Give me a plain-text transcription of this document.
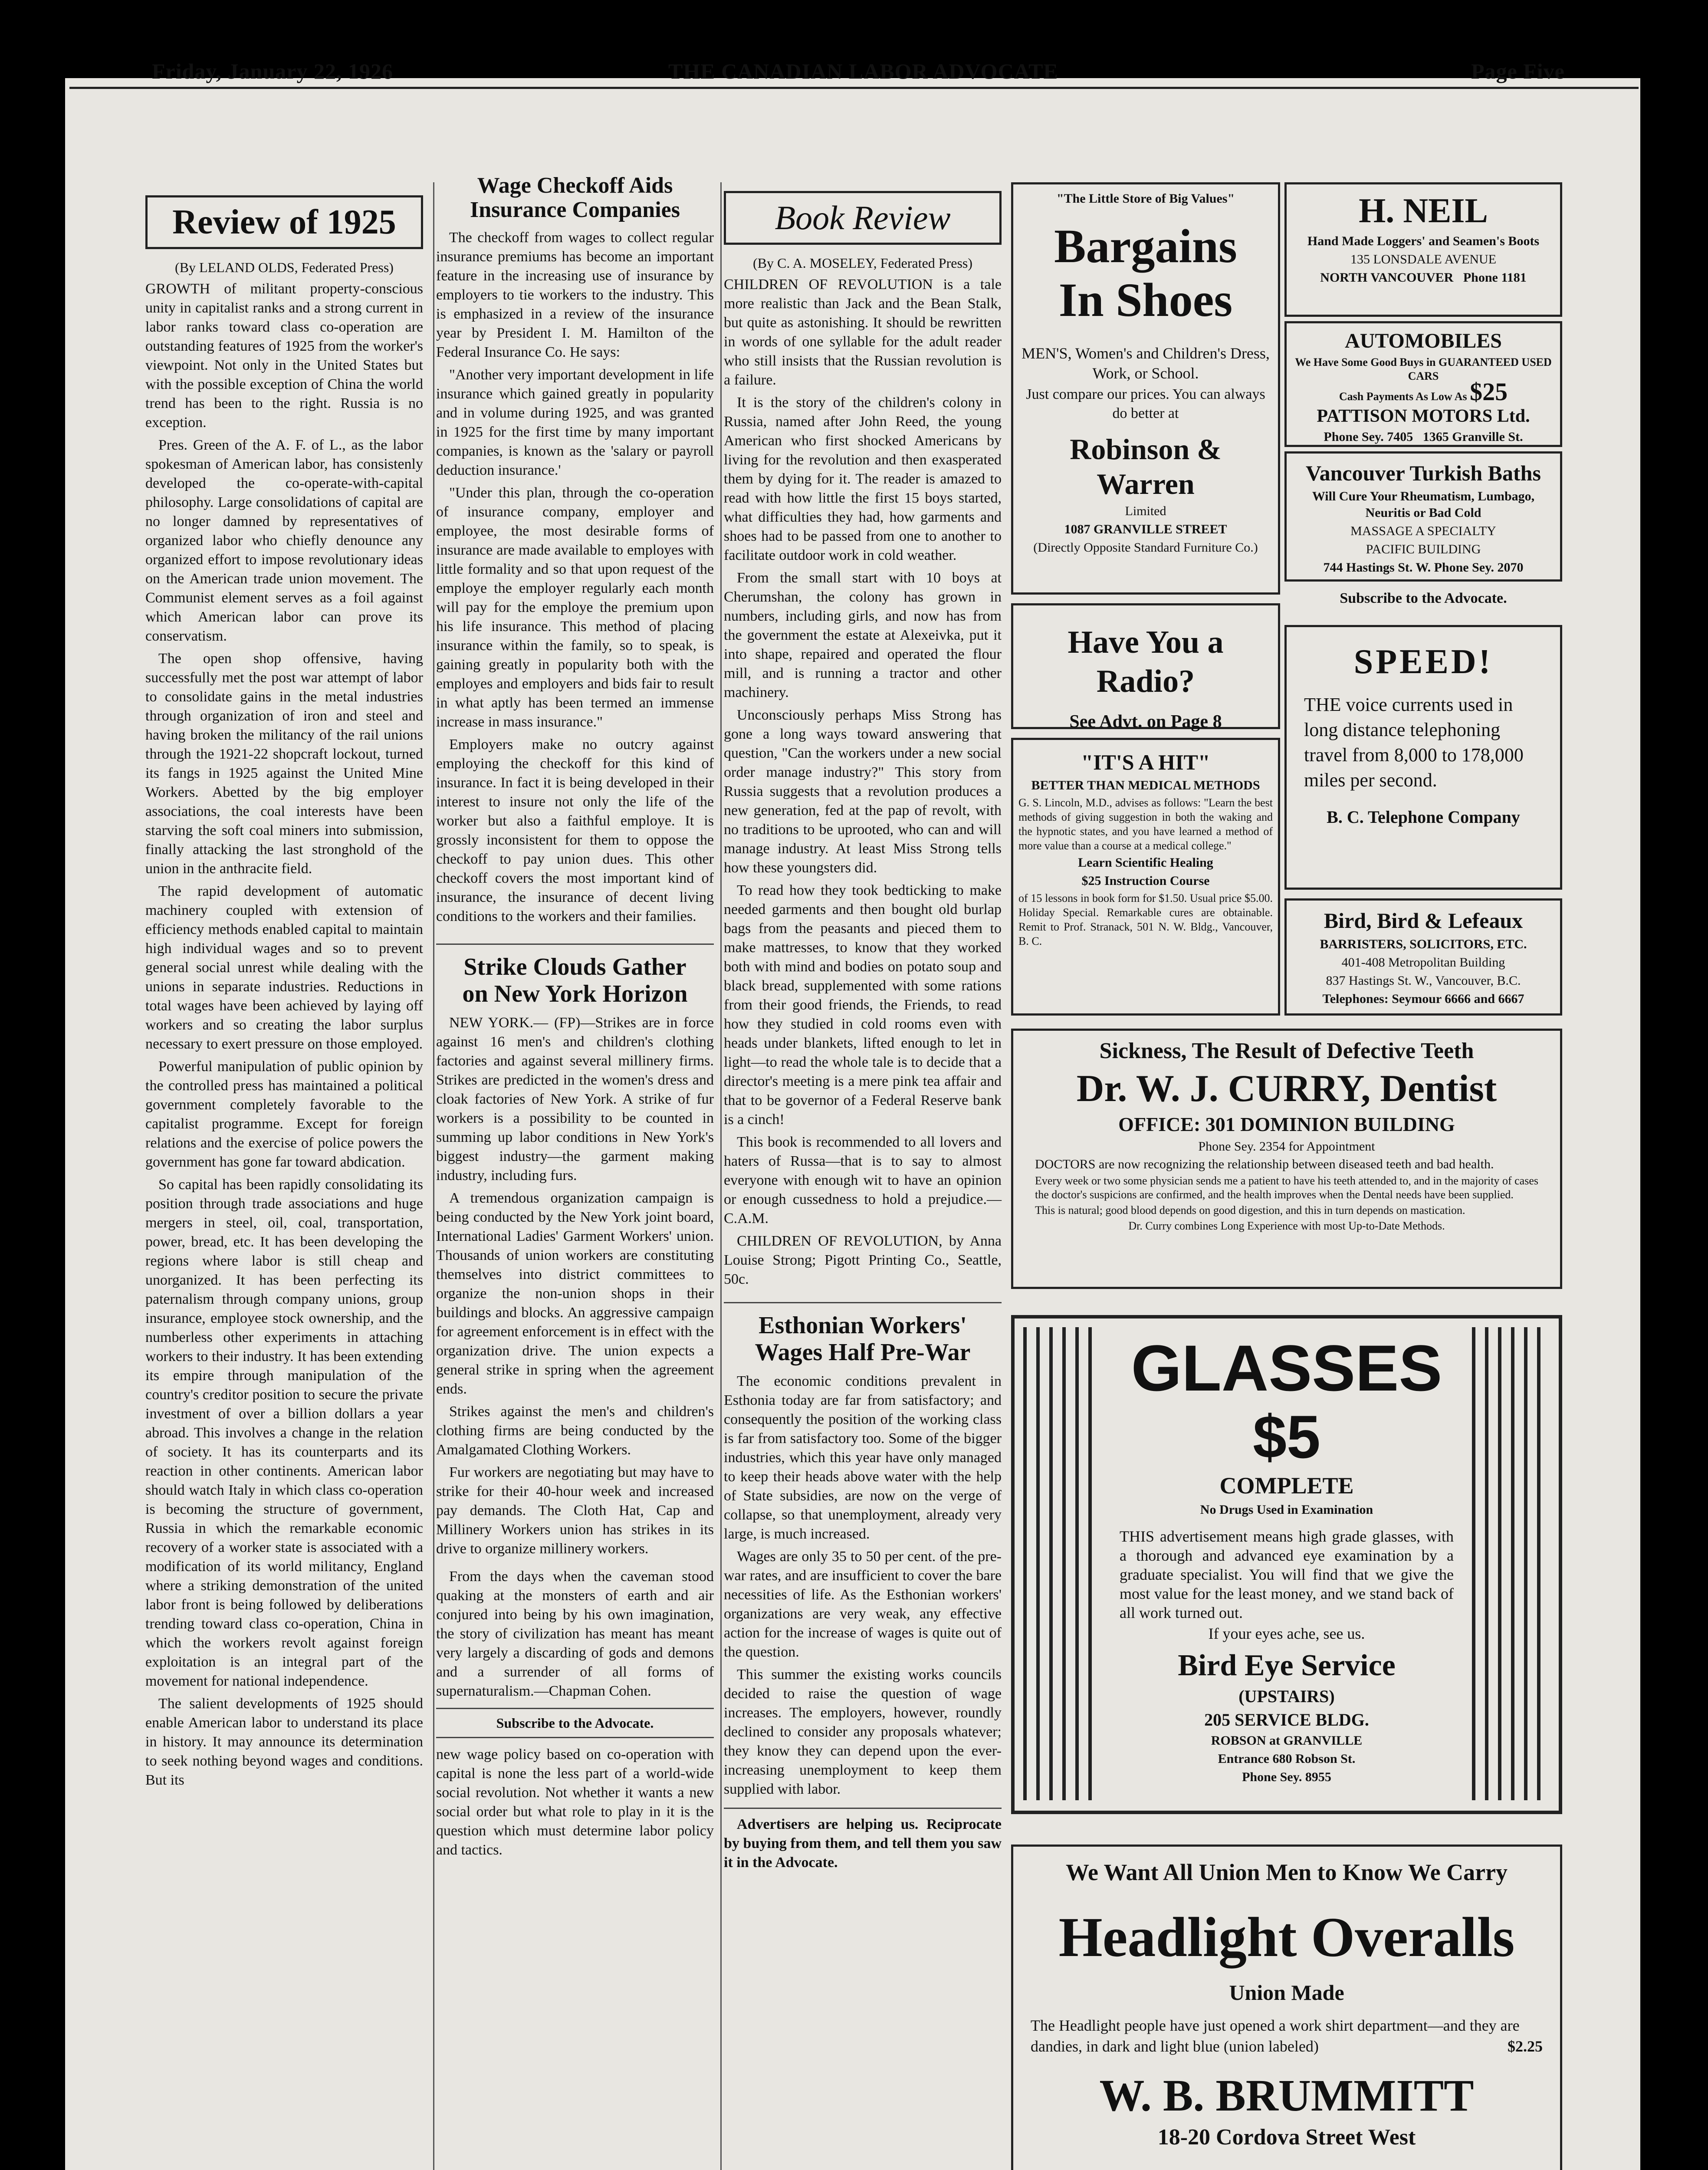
Friday, January 22, 1926	THE CANADIAN LABOR ADVOCATE	Page Five
Review of 1925
(By LELAND OLDS, Federated Press)

GROWTH of militant property-conscious unity in capitalist ranks and a strong current in labor ranks toward class co-operation are outstanding features of 1925 from the worker's viewpoint. Not only in the United States but with the possible exception of China the world trend has been to the right. Russia is no exception.

Pres. Green of the A. F. of L., as the labor spokesman of American labor, has consistenly developed the co-operate-with-capital philosophy. Large consolidations of capital are no longer damned by representatives of organized labor who chiefly denounce any organized effort to impose revolutionary ideas on the American trade union movement. The Communist element serves as a foil against which American labor can prove its conservatism.

The open shop offensive, having successfully met the post war attempt of labor to consolidate gains in the metal industries through organization of iron and steel and having broken the militancy of the rail unions through the 1921-22 shopcraft lockout, turned its fangs in 1925 against the United Mine Workers. Abetted by the big employer associations, the coal interests have been starving the soft coal miners into submission, finally attacking the last stronghold of the union in the anthracite field.

The rapid development of automatic machinery coupled with extension of efficiency methods enabled capital to maintain high individual wages and so to prevent general social unrest while dealing with the unions in separate industries. Reductions in total wages have been achieved by laying off workers and so creating the labor surplus necessary to exert pressure on those employed.

Powerful manipulation of public opinion by the controlled press has maintained a political government completely favorable to the capitalist programme. Except for foreign relations and the exercise of police powers the government has gone far toward abdication.

So capital has been rapidly consolidating its position through trade associations and huge mergers in steel, oil, coal, transportation, power, bread, etc. It has been developing the regions where labor is still cheap and unorganized. It has been perfecting its paternalism through company unions, group insurance, employee stock ownership, and the numberless other experiments in attaching workers to their industry. It has been extending its empire through manipulation of the country's creditor position to secure the private investment of over a billion dollars a year abroad. This involves a change in the relation of society. It has its counterparts and its reaction in other continents. American labor should watch Italy in which class co-operation is becoming the structure of government, Russia in which the remarkable economic recovery of a worker state is associated with a modification of its world militancy, England where a striking demonstration of the united labor front is being followed by deliberations trending toward class co-operation, China in which the workers revolt against foreign exploitation is an integral part of the movement for national independence.

The salient developments of 1925 should enable American labor to understand its place in history. It may announce its determination to seek nothing beyond wages and conditions. But its

Wage Checkoff Aids
Insurance Companies

The checkoff from wages to collect regular insurance premiums has become an important feature in the increasing use of insurance by employers to tie workers to the industry. This is emphasized in a review of the insurance year by President I. M. Hamilton of the Federal Insurance Co. He says:

"Another very important development in life insurance which gained greatly in popularity and in volume during 1925, and was granted in 1925 for the first time by many important companies, is known as the 'salary or payroll deduction insurance.'

"Under this plan, through the co-operation of insurance company, employer and employee, the most desirable forms of insurance are made available to employes with little formality and so that upon request of the employe the employer regularly each month will pay for the employe the premium upon his life insurance. This method of placing insurance within the family, so to speak, is gaining greatly in popularity both with the employes and employers and bids fair to result in what aptly has been termed an immense increase in mass insurance."

Employers make no outcry against employing the checkoff for this kind of insurance. In fact it is being developed in their interest to insure not only the life of the worker but also a faithful employe. It is grossly inconsistent for them to oppose the checkoff to pay union dues. This other checkoff covers the most important kind of insurance, the insurance of decent living conditions to the workers and their families.

Strike Clouds Gather
on New York Horizon

NEW YORK.— (FP)—Strikes are in force against 16 men's and children's clothing factories and against several millinery firms. Strikes are predicted in the women's dress and cloak factories of New York. A strike of fur workers is a possibility to be counted in summing up labor conditions in New York's biggest industry—the garment making industry, including furs.

A tremendous organization campaign is being conducted by the New York joint board, International Ladies' Garment Workers' union. Thousands of union workers are constituting themselves into district committees to organize the non-union shops in their buildings and blocks. An aggressive campaign for agreement enforcement is in effect with the organization drive. The union expects a general strike in spring when the agreement ends.

Strikes against the men's and children's clothing firms are being conducted by the Amalgamated Clothing Workers.

Fur workers are negotiating but may have to strike for their 40-hour week and increased pay demands. The Cloth Hat, Cap and Millinery Workers union has strikes in its drive to organize millinery workers.

From the days when the caveman stood quaking at the monsters of earth and air conjured into being by his own imagination, the story of civilization has meant has meant very largely a discarding of gods and demons and a surrender of all forms of supernaturalism.—Chapman Cohen.

Subscribe to the Advocate.

new wage policy based on co-operation with capital is none the less part of a world-wide social revolution. Not whether it wants a new social order but what role to play in it is the question which must determine labor policy and tactics.

Book Review
(By C. A. MOSELEY, Federated Press)

CHILDREN OF REVOLUTION is a tale more realistic than Jack and the Bean Stalk, but quite as astonishing. It should be rewritten in words of one syllable for the adult reader who still insists that the Russian revolution is a failure.

It is the story of the children's colony in Russia, named after John Reed, the young American who first shocked Americans by living for the revolution and then exasperated them by dying for it. The reader is amazed to read with how little the first 15 boys started, what difficulties they had, how garments and shoes had to be passed from one to another to facilitate outdoor work in cold weather.

From the small start with 10 boys at Cherumshan, the colony has grown in numbers, including girls, and now has from the government the estate at Alexeivka, put it into shape, repaired and operated the flour mill, and is running a tractor and other machinery.

Unconsciously perhaps Miss Strong has gone a long ways toward answering that question, "Can the workers under a new social order manage industry?" This story from Russia suggests that a revolution produces a new generation, fed at the pap of revolt, with no traditions to be uprooted, who can and will manage industry. At least Miss Strong tells how these youngsters did.

To read how they took bedticking to make needed garments and then bought old burlap bags from the peasants and pieced them to make mattresses, to know that they worked both with mind and bodies on potato soup and black bread, supplemented with some rations from their good friends, the Friends, to read how they studied in cold rooms even with heads under blankets, lifted enough to let in light—to read the whole tale is to decide that a director's meeting is a mere pink tea affair and that to be governor of a Federal Reserve bank is a cinch!

This book is recommended to all lovers and haters of Russa—that is to say to almost everyone with enough wit to have an opinion or enough cussedness to hold a prejudice.—C.A.M.

CHILDREN OF REVOLUTION, by Anna Louise Strong; Pigott Printing Co., Seattle, 50c.

Esthonian Workers'
Wages Half Pre-War

The economic conditions prevalent in Esthonia today are far from satisfactory; and consequently the position of the working class is far from satisfactory too. Some of the bigger industries, which this year have only managed to keep their heads above water with the help of State subsidies, are now on the verge of collapse, so that unemployment, already very large, is much increased.

Wages are only 35 to 50 per cent. of the pre-war rates, and are insufficient to cover the bare necessities of life. As the Esthonian workers' organizations are very weak, any effective action for the increase of wages is quite out of the question.

This summer the existing works councils decided to raise the question of wage increases. The employers, however, roundly declined to consider any proposals whatever; they know they can depend upon the ever-increasing unemployment to keep them supplied with labor.

Advertisers are helping us. Reciprocate by buying from them, and tell them you saw it in the Advocate.

"The Little Store of Big Values"

Bargains

In Shoes

MEN'S, Women's and Children's Dress, Work, or School.

Just compare our prices. You can always do better at

Robinson & Warren

Limited

1087 GRANVILLE STREET

(Directly Opposite Standard Furniture Co.)

Have You a Radio?

See Advt. on Page 8

"IT'S A HIT"

BETTER THAN MEDICAL METHODS

G. S. Lincoln, M.D., advises as follows: "Learn the best methods of giving suggestion in both the waking and the hypnotic states, and you have learned a method of more value than a course at a medical college."

Learn Scientific Healing

$25 Instruction Course

of 15 lessons in book form for $1.50. Usual price $5.00. Holiday Special. Remarkable cures are obtainable. Remit to Prof. Stranack, 501 N. W. Bldg., Vancouver, B. C.

H. NEIL

Hand Made Loggers' and Seamen's Boots

135 LONSDALE AVENUE

NORTH VANCOUVER Phone 1181

AUTOMOBILES

We Have Some Good Buys in GUARANTEED USED CARS

Cash Payments As Low As $25

PATTISON MOTORS Ltd.

Phone Sey. 7405 1365 Granville St.

Vancouver Turkish Baths

Will Cure Your Rheumatism, Lumbago, Neuritis or Bad Cold

MASSAGE A SPECIALTY

PACIFIC BUILDING

744 Hastings St. W. Phone Sey. 2070

Subscribe to the Advocate.

SPEED!

THE voice currents used in long distance telephoning travel from 8,000 to 178,000 miles per second.

B. C. Telephone Company

Bird, Bird & Lefeaux

BARRISTERS, SOLICITORS, ETC.

401-408 Metropolitan Building

837 Hastings St. W., Vancouver, B.C.

Telephones: Seymour 6666 and 6667

Sickness, The Result of Defective Teeth

Dr. W. J. CURRY, Dentist

OFFICE: 301 DOMINION BUILDING

Phone Sey. 2354 for Appointment

DOCTORS are now recognizing the relationship between diseased teeth and bad health.

Every week or two some physician sends me a patient to have his teeth attended to, and in the majority of cases the doctor's suspicions are confirmed, and the health improves when the Dental needs have been supplied.

This is natural; good blood depends on good digestion, and this in turn depends on mastication.

Dr. Curry combines Long Experience with most Up-to-Date Methods.

GLASSES

$5

COMPLETE

No Drugs Used in Examination

THIS advertisement means high grade glasses, with a thorough and advanced eye examination by a graduate specialist. You will find that we give the most value for the least money, and we stand back of all work turned out.

If your eyes ache, see us.

Bird Eye Service

(UPSTAIRS)

205 SERVICE BLDG.

ROBSON at GRANVILLE

Entrance 680 Robson St.

Phone Sey. 8955

We Want All Union Men to Know We Carry

Headlight Overalls

Union Made

The Headlight people have just opened a work shirt department—and they are dandies, in dark and light blue (union labeled)	$2.25

W. B. BRUMMITT

18-20 Cordova Street West
